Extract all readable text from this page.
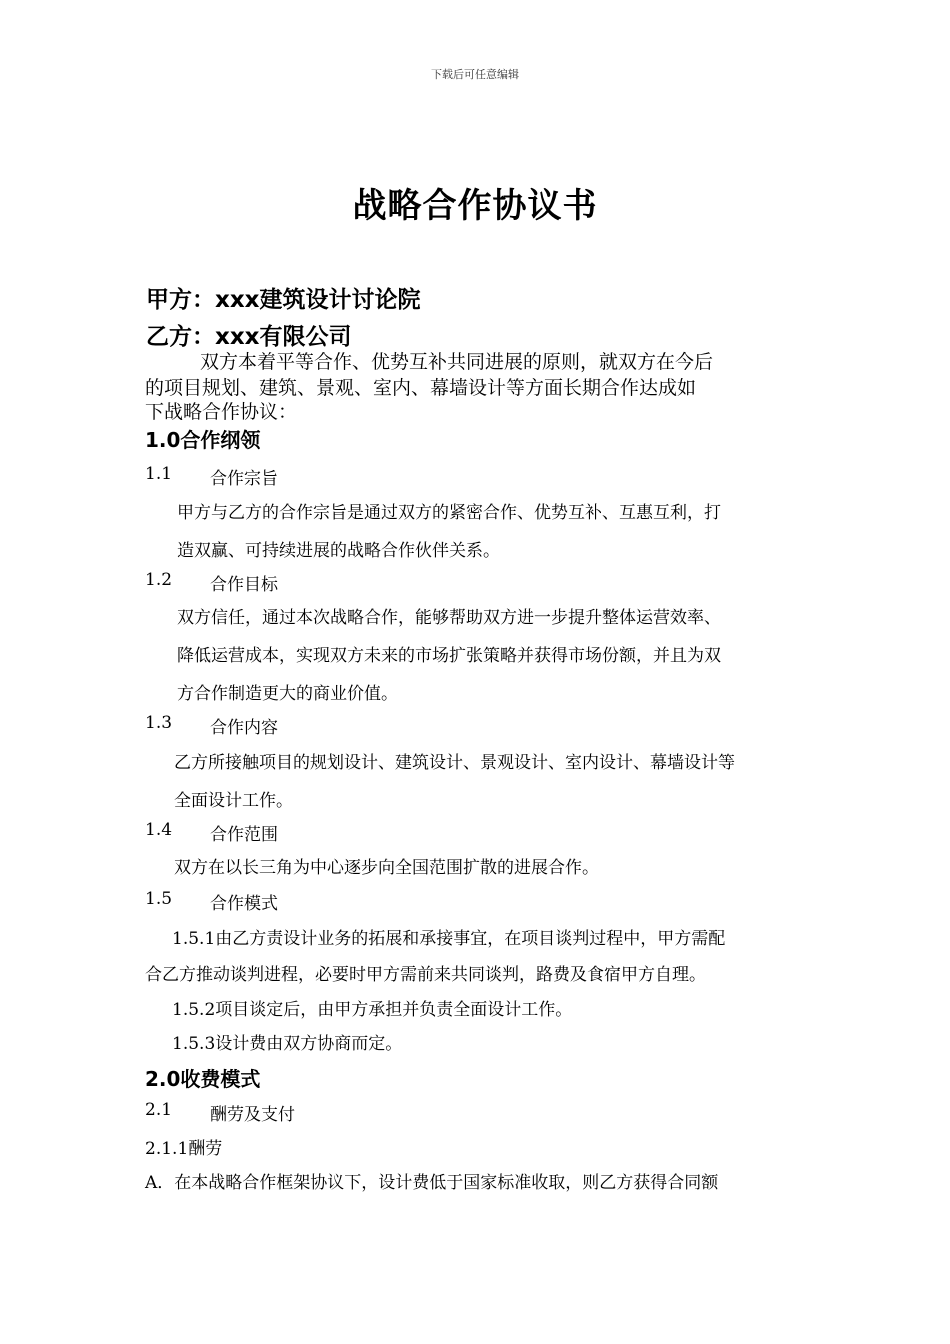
下载后可任意编辑
战略合作协议书
甲方：xxx建筑设计讨论院
乙方：xxx有限公司
双方本着平等合作、优势互补共同进展的原则，就双方在今后
的项目规划、建筑、景观、室内、幕墙设计等方面长期合作达成如
下战略合作协议：
1.0合作纲领
1.1 合作宗旨
甲方与乙方的合作宗旨是通过双方的紧密合作、优势互补、互惠互利，打
造双赢、可持续进展的战略合作伙伴关系。
1.2 合作目标
双方信任，通过本次战略合作，能够帮助双方进一步提升整体运营效率、
降低运营成本，实现双方未来的市场扩张策略并获得市场份额，并且为双
方合作制造更大的商业价值。
1.3 合作内容
乙方所接触项目的规划设计、建筑设计、景观设计、室内设计、幕墙设计等
全面设计工作。
1.4 合作范围
双方在以长三角为中心逐步向全国范围扩散的进展合作。
1.5 合作模式
1.5.1由乙方责设计业务的拓展和承接事宜，在项目谈判过程中，甲方需配
合乙方推动谈判进程，必要时甲方需前来共同谈判，路费及食宿甲方自理。
1.5.2项目谈定后，由甲方承担并负责全面设计工作。
1.5.3设计费由双方协商而定。
2.0收费模式
2.1 酬劳及支付
2.1.1酬劳
A．在本战略合作框架协议下，设计费低于国家标准收取，则乙方获得合同额
